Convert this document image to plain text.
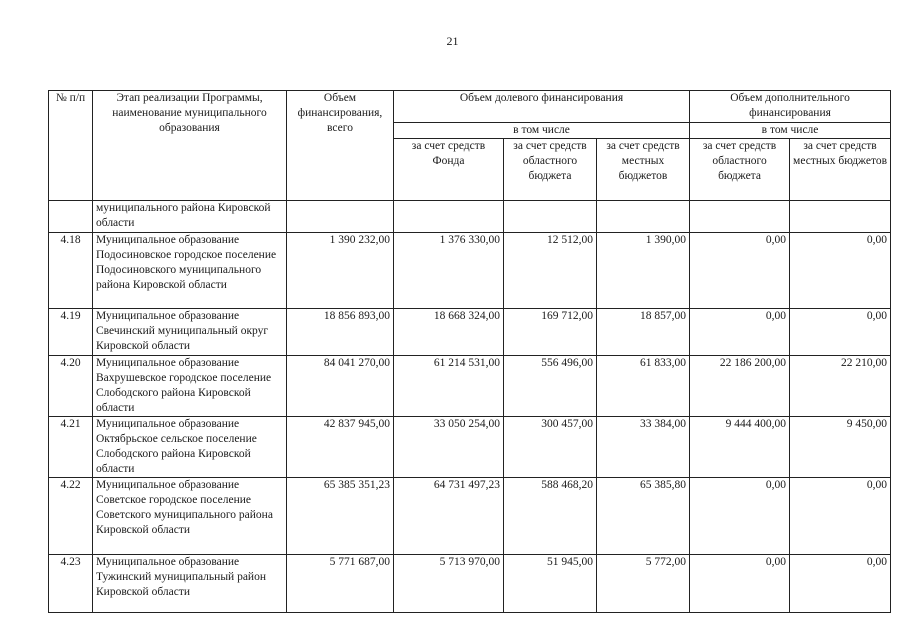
21
№ п/п	Этап реализации Программы, наименование муниципального образования	Объем финансирования, всего	Объем долевого финансирования			Объем дополнительного финансирования	
			в том числе			в том числе	
			за счет средств Фонда	за счет средств областного бюджета	за счет средств местных бюджетов	за счет средств областного бюджета	за счет средств местных бюджетов
	муниципального района Кировской области						
4.18	Муниципальное образование Подосиновское городское поселение Подосиновского муниципального района Кировской области	1 390 232,00	1 376 330,00	12 512,00	1 390,00	0,00	0,00
4.19	Муниципальное образование Свечинский муниципальный округ Кировской области	18 856 893,00	18 668 324,00	169 712,00	18 857,00	0,00	0,00
4.20	Муниципальное образование Вахрушевское городское поселение Слободского района Кировской области	84 041 270,00	61 214 531,00	556 496,00	61 833,00	22 186 200,00	22 210,00
4.21	Муниципальное образование Октябрьское сельское поселение Слободского района Кировской области	42 837 945,00	33 050 254,00	300 457,00	33 384,00	9 444 400,00	9 450,00
4.22	Муниципальное образование Советское городское поселение Советского муниципального района Кировской области	65 385 351,23	64 731 497,23	588 468,20	65 385,80	0,00	0,00
4.23	Муниципальное образование Тужинский муниципальный район Кировской области	5 771 687,00	5 713 970,00	51 945,00	5 772,00	0,00	0,00
